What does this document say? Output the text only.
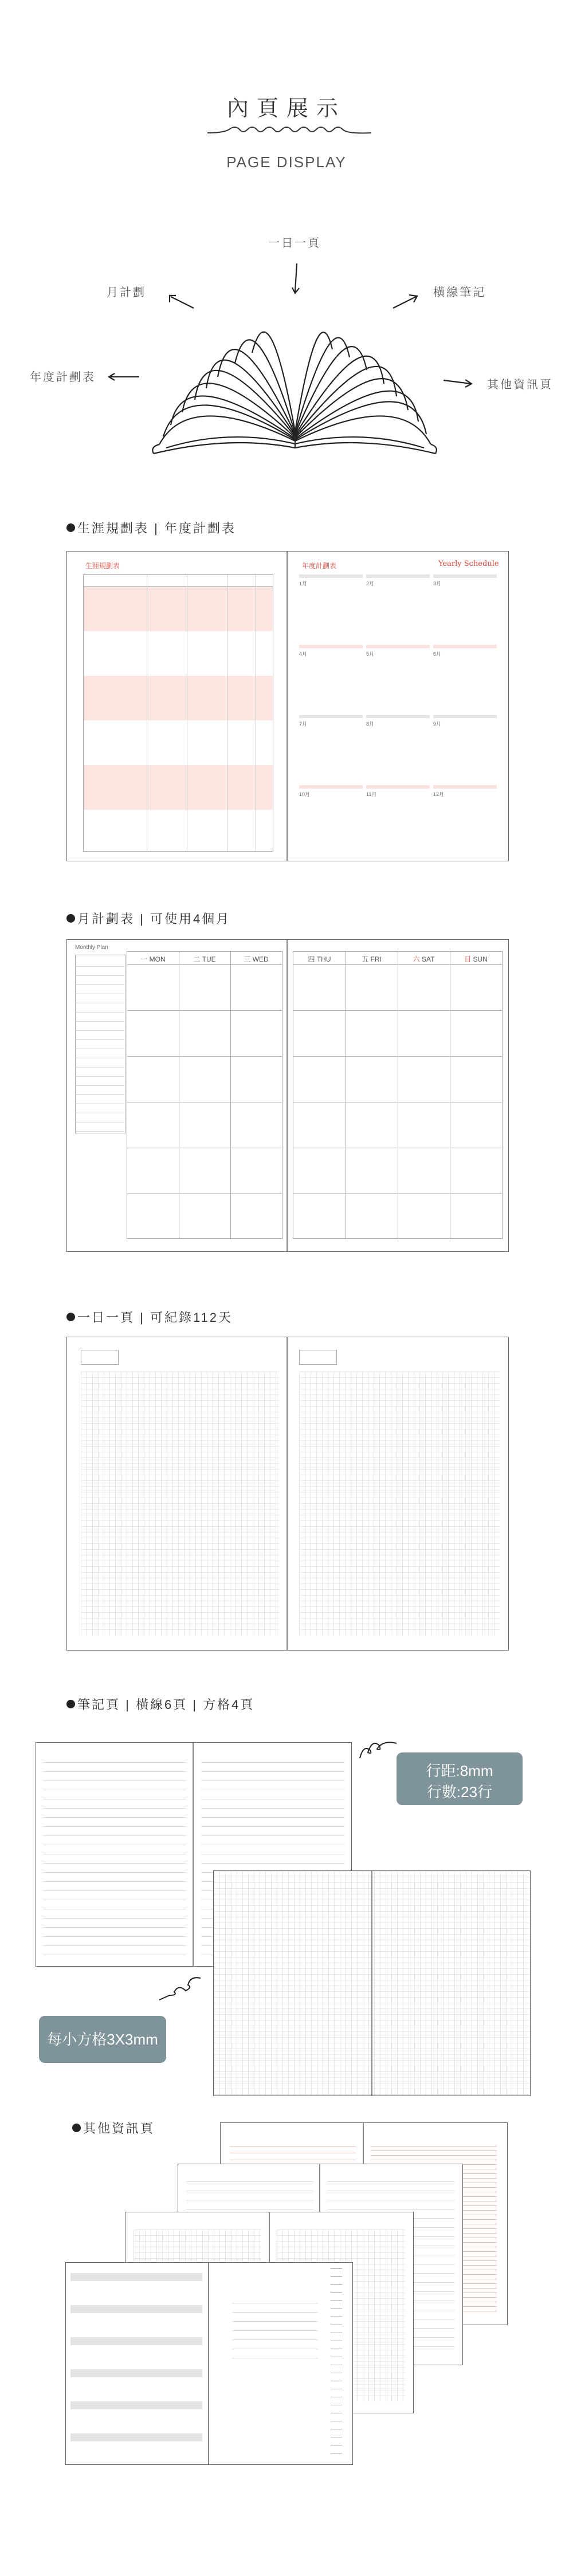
內頁展示
PAGE DISPLAY
一日一頁
月計劃	橫線筆記
年度計劃表
其他資訊頁
生涯規劃表 | 年度計劃表
生涯規劃表	年度計劃表	Yearly Schedule
1月	2月	3月
4月	5月	6月
7月	8月	9月
10月	11月	12月
月計劃表 | 可使用4個月
Monthly Plan
一 MON	二 TUE	三 WED	四 THU	五 FRI	六 SAT	日 SUN
一日一頁 | 可紀錄112天
筆記頁 | 橫線6頁 | 方格4頁
行距:8mm
行數:23行
每小方格3X3mm
其他資訊頁
